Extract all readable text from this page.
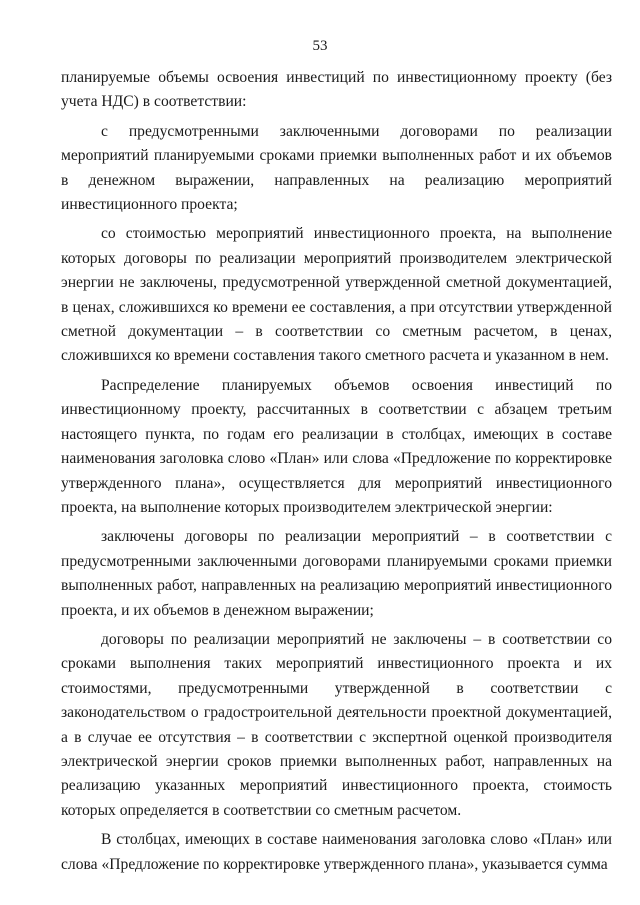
53

планируемые объемы освоения инвестиций по инвестиционному проекту (без учета НДС) в соответствии:

с предусмотренными заключенными договорами по реализации мероприятий планируемыми сроками приемки выполненных работ и их объемов в денежном выражении, направленных на реализацию мероприятий инвестиционного проекта;

со стоимостью мероприятий инвестиционного проекта, на выполнение которых договоры по реализации мероприятий производителем электрической энергии не заключены, предусмотренной утвержденной сметной документацией, в ценах, сложившихся ко времени ее составления, а при отсутствии утвержденной сметной документации – в соответствии со сметным расчетом, в ценах, сложившихся ко времени составления такого сметного расчета и указанном в нем.

Распределение планируемых объемов освоения инвестиций по инвестиционному проекту, рассчитанных в соответствии с абзацем третьим настоящего пункта, по годам его реализации в столбцах, имеющих в составе наименования заголовка слово «План» или слова «Предложение по корректировке утвержденного плана», осуществляется для мероприятий инвестиционного проекта, на выполнение которых производителем электрической энергии:

заключены договоры по реализации мероприятий – в соответствии с предусмотренными заключенными договорами планируемыми сроками приемки выполненных работ, направленных на реализацию мероприятий инвестиционного проекта, и их объемов в денежном выражении;

договоры по реализации мероприятий не заключены – в соответствии со сроками выполнения таких мероприятий инвестиционного проекта и их стоимостями, предусмотренными утвержденной в соответствии с законодательством о градостроительной деятельности проектной документацией, а в случае ее отсутствия – в соответствии с экспертной оценкой производителя электрической энергии сроков приемки выполненных работ, направленных на реализацию указанных мероприятий инвестиционного проекта, стоимость которых определяется в соответствии со сметным расчетом.

В столбцах, имеющих в составе наименования заголовка слово «План» или слова «Предложение по корректировке утвержденного плана», указывается сумма
